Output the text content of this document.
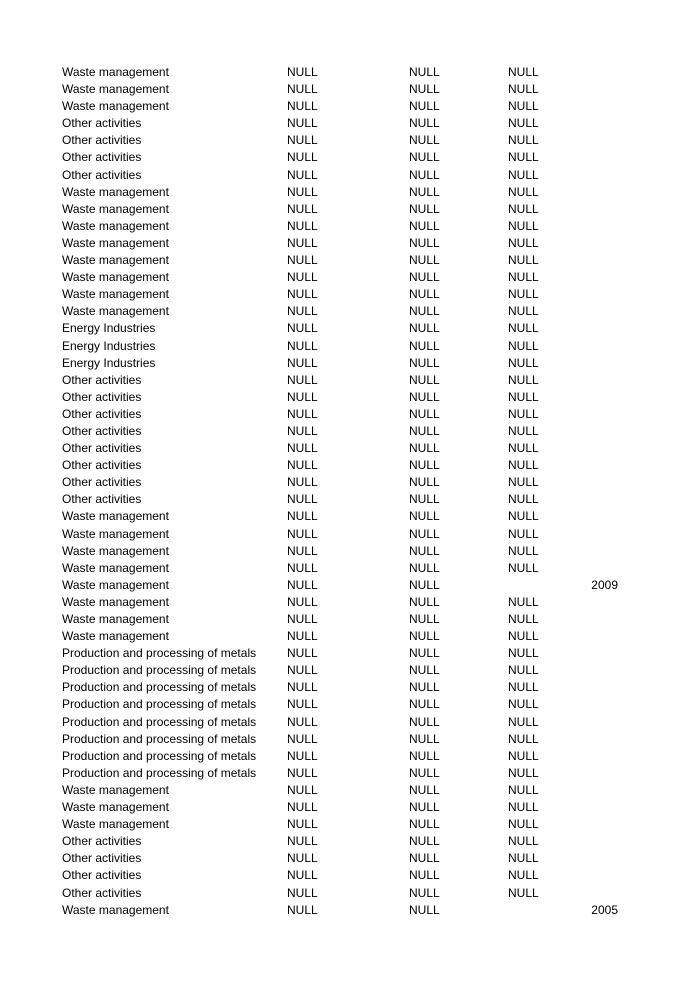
Waste management	NULL	NULL	NULL
Waste management	NULL	NULL	NULL
Waste management	NULL	NULL	NULL
Other activities	NULL	NULL	NULL
Other activities	NULL	NULL	NULL
Other activities	NULL	NULL	NULL
Other activities	NULL	NULL	NULL
Waste management	NULL	NULL	NULL
Waste management	NULL	NULL	NULL
Waste management	NULL	NULL	NULL
Waste management	NULL	NULL	NULL
Waste management	NULL	NULL	NULL
Waste management	NULL	NULL	NULL
Waste management	NULL	NULL	NULL
Waste management	NULL	NULL	NULL
Energy Industries	NULL	NULL	NULL
Energy Industries	NULL	NULL	NULL
Energy Industries	NULL	NULL	NULL
Other activities	NULL	NULL	NULL
Other activities	NULL	NULL	NULL
Other activities	NULL	NULL	NULL
Other activities	NULL	NULL	NULL
Other activities	NULL	NULL	NULL
Other activities	NULL	NULL	NULL
Other activities	NULL	NULL	NULL
Other activities	NULL	NULL	NULL
Waste management	NULL	NULL	NULL
Waste management	NULL	NULL	NULL
Waste management	NULL	NULL	NULL
Waste management	NULL	NULL	NULL
Waste management	NULL	NULL	2009
Waste management	NULL	NULL	NULL
Waste management	NULL	NULL	NULL
Waste management	NULL	NULL	NULL
Production and processing of metals	NULL	NULL	NULL
Production and processing of metals	NULL	NULL	NULL
Production and processing of metals	NULL	NULL	NULL
Production and processing of metals	NULL	NULL	NULL
Production and processing of metals	NULL	NULL	NULL
Production and processing of metals	NULL	NULL	NULL
Production and processing of metals	NULL	NULL	NULL
Production and processing of metals	NULL	NULL	NULL
Waste management	NULL	NULL	NULL
Waste management	NULL	NULL	NULL
Waste management	NULL	NULL	NULL
Other activities	NULL	NULL	NULL
Other activities	NULL	NULL	NULL
Other activities	NULL	NULL	NULL
Other activities	NULL	NULL	NULL
Waste management	NULL	NULL	2005
